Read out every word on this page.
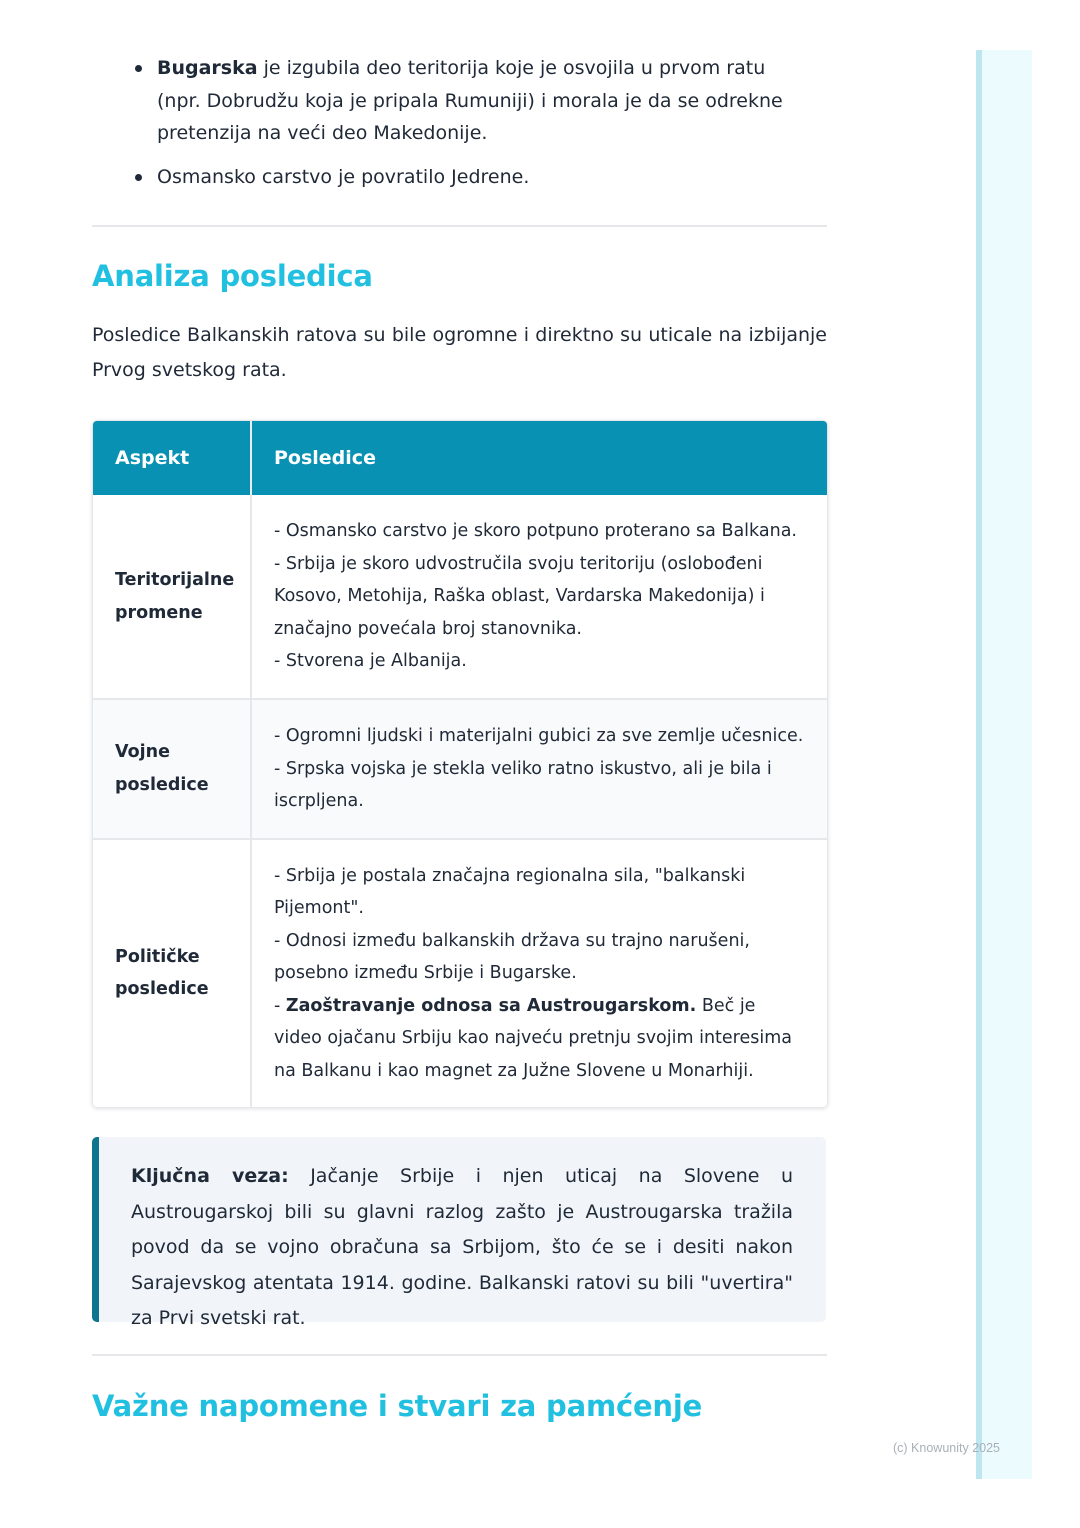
Bugarska je izgubila deo teritorija koje je osvojila u prvom ratu (npr. Dobrudžu koja je pripala Rumuniji) i morala je da se odrekne pretenzija na veći deo Makedonije.
Osmansko carstvo je povratilo Jedrene.
Analiza posledica

Posledice Balkanskih ratova su bile ogromne i direktno su uticale na izbijanje Prvog svetskog rata.

Aspekt	Posledice
Teritorijalne promene	- Osmansko carstvo je skoro potpuno proterano sa Balkana.
- Srbija je skoro udvostručila svoju teritoriju (oslobođeni Kosovo, Metohija, Raška oblast, Vardarska Makedonija) i značajno povećala broj stanovnika.
- Stvorena je Albanija.

Vojne posledice	- Ogromni ljudski i materijalni gubici za sve zemlje učesnice.
- Srpska vojska je stekla veliko ratno iskustvo, ali je bila i iscrpljena.

Političke posledice	- Srbija je postala značajna regionalna sila, "balkanski Pijemont".
- Odnosi između balkanskih država su trajno narušeni, posebno između Srbije i Bugarske.
- Zaoštravanje odnosa sa Austrougarskom. Beč je video ojačanu Srbiju kao najveću pretnju svojim interesima na Balkanu i kao magnet za Južne Slovene u Monarhiji.

Ključna veza: Jačanje Srbije i njen uticaj na Slovene u Austrougarskoj bili su glavni razlog zašto je Austrougarska tražila povod da se vojno obračuna sa Srbijom, što će se i desiti nakon Sarajevskog atentata 1914. godine. Balkanski ratovi su bili "uvertira" za Prvi svetski rat.

Važne napomene i stvari za pamćenje
(c) Knowunity 2025
